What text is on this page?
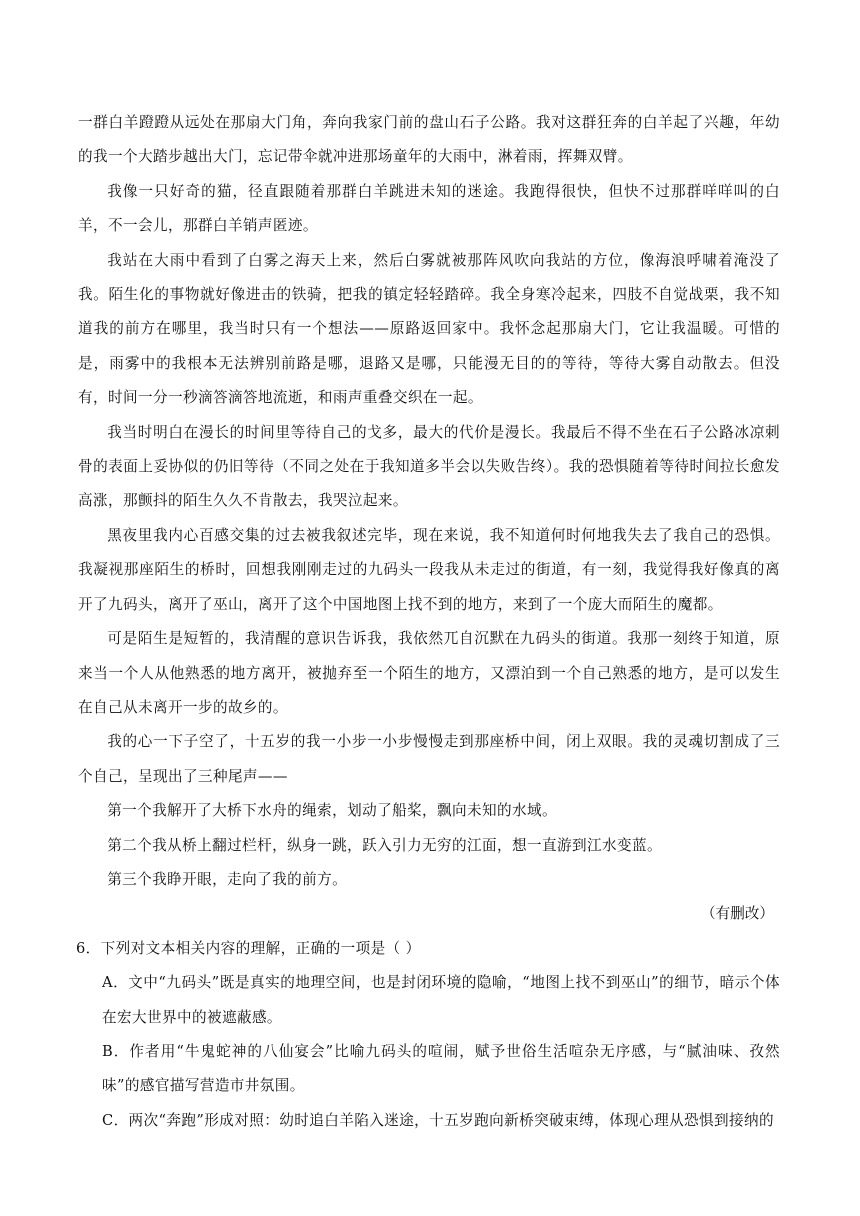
一群白羊蹬蹬从远处在那扇大门角，奔向我家门前的盘山石子公路。我对这群狂奔的白羊起了兴趣，年幼的我一个大踏步越出大门，忘记带伞就冲进那场童年的大雨中，淋着雨，挥舞双臂。

我像一只好奇的猫，径直跟随着那群白羊跳进未知的迷途。我跑得很快，但快不过那群咩咩叫的白羊，不一会儿，那群白羊销声匿迹。

我站在大雨中看到了白雾之海天上来，然后白雾就被那阵风吹向我站的方位，像海浪呼啸着淹没了我。陌生化的事物就好像进击的铁骑，把我的镇定轻轻踏碎。我全身寒冷起来，四肢不自觉战栗，我不知道我的前方在哪里，我当时只有一个想法——原路返回家中。我怀念起那扇大门，它让我温暖。可惜的是，雨雾中的我根本无法辨别前路是哪，退路又是哪，只能漫无目的的等待，等待大雾自动散去。但没有，时间一分一秒滴答滴答地流逝，和雨声重叠交织在一起。

我当时明白在漫长的时间里等待自己的戈多，最大的代价是漫长。我最后不得不坐在石子公路冰凉刺骨的表面上妥协似的仍旧等待（不同之处在于我知道多半会以失败告终）。我的恐惧随着等待时间拉长愈发高涨，那颤抖的陌生久久不肯散去，我哭泣起来。

黑夜里我内心百感交集的过去被我叙述完毕，现在来说，我不知道何时何地我失去了我自己的恐惧。我凝视那座陌生的桥时，回想我刚刚走过的九码头一段我从未走过的街道，有一刻，我觉得我好像真的离开了九码头，离开了巫山，离开了这个中国地图上找不到的地方，来到了一个庞大而陌生的魔都。

可是陌生是短暂的，我清醒的意识告诉我，我依然兀自沉默在九码头的街道。我那一刻终于知道，原来当一个人从他熟悉的地方离开，被抛弃至一个陌生的地方，又漂泊到一个自己熟悉的地方，是可以发生在自己从未离开一步的故乡的。

我的心一下子空了，十五岁的我一小步一小步慢慢走到那座桥中间，闭上双眼。我的灵魂切割成了三个自己，呈现出了三种尾声——

第一个我解开了大桥下水舟的绳索，划动了船桨，飘向未知的水域。

第二个我从桥上翻过栏杆，纵身一跳，跃入引力无穷的江面，想一直游到江水变蓝。

第三个我睁开眼，走向了我的前方。

（有删改）

6．下列对文本相关内容的理解，正确的一项是（ ）

A．文中“九码头”既是真实的地理空间，也是封闭环境的隐喻，“地图上找不到巫山”的细节，暗示个体在宏大世界中的被遮蔽感。

B．作者用“牛鬼蛇神的八仙宴会”比喻九码头的喧闹，赋予世俗生活喧杂无序感，与“腻油味、孜然味”的感官描写营造市井氛围。

C．两次“奔跑”形成对照：幼时追白羊陷入迷途，十五岁跑向新桥突破束缚，体现心理从恐惧到接纳的
